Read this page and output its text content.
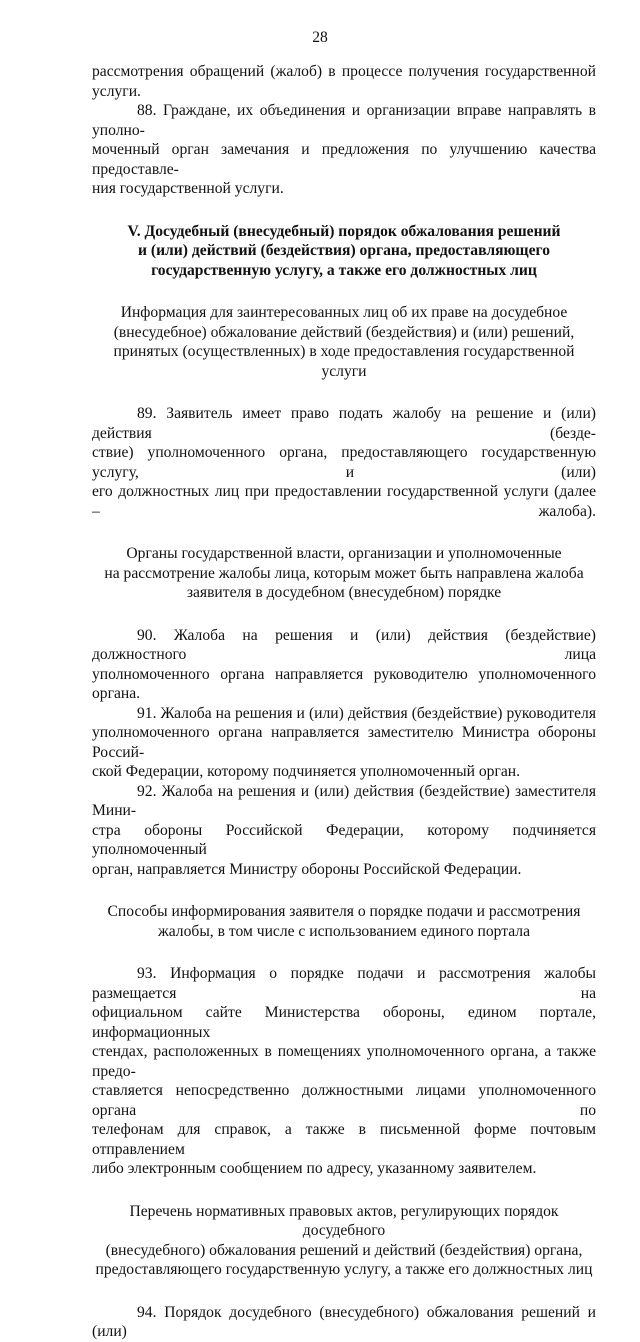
28

рассмотрения обращений (жалоб) в процессе получения государственной услуги.

88. Граждане, их объединения и организации вправе направлять в уполно-

моченный орган замечания и предложения по улучшению качества предоставле-

ния государственной услуги.

V. Досудебный (внесудебный) порядок обжалования решений

и (или) действий (бездействия) органа, предоставляющего

государственную услугу, а также его должностных лиц

Информация для заинтересованных лиц об их праве на досудебное

(внесудебное) обжалование действий (бездействия) и (или) решений,

принятых (осуществленных) в ходе предоставления государственной услуги

89. Заявитель имеет право подать жалобу на решение и (или) действия (безде-

ствие) уполномоченного органа, предоставляющего государственную услугу, и (или)

его должностных лиц при предоставлении государственной услуги (далее – жалоба).

Органы государственной власти, организации и уполномоченные

на рассмотрение жалобы лица, которым может быть направлена жалоба

заявителя в досудебном (внесудебном) порядке

90. Жалоба на решения и (или) действия (бездействие) должностного лица

уполномоченного органа направляется руководителю уполномоченного органа.

91. Жалоба на решения и (или) действия (бездействие) руководителя

уполномоченного органа направляется заместителю Министра обороны Россий-

ской Федерации, которому подчиняется уполномоченный орган.

92. Жалоба на решения и (или) действия (бездействие) заместителя Мини-

стра обороны Российской Федерации, которому подчиняется уполномоченный

орган, направляется Министру обороны Российской Федерации.

Способы информирования заявителя о порядке подачи и рассмотрения

жалобы, в том числе с использованием единого портала

93. Информация о порядке подачи и рассмотрения жалобы размещается на

официальном сайте Министерства обороны, едином портале, информационных

стендах, расположенных в помещениях уполномоченного органа, а также предо-

ставляется непосредственно должностными лицами уполномоченного органа по

телефонам для справок, а также в письменной форме почтовым отправлением

либо электронным сообщением по адресу, указанному заявителем.

Перечень нормативных правовых актов, регулирующих порядок досудебного

(внесудебного) обжалования решений и действий (бездействия) органа,

предоставляющего государственную услугу, а также его должностных лиц

94. Порядок досудебного (внесудебного) обжалования решений и (или)
